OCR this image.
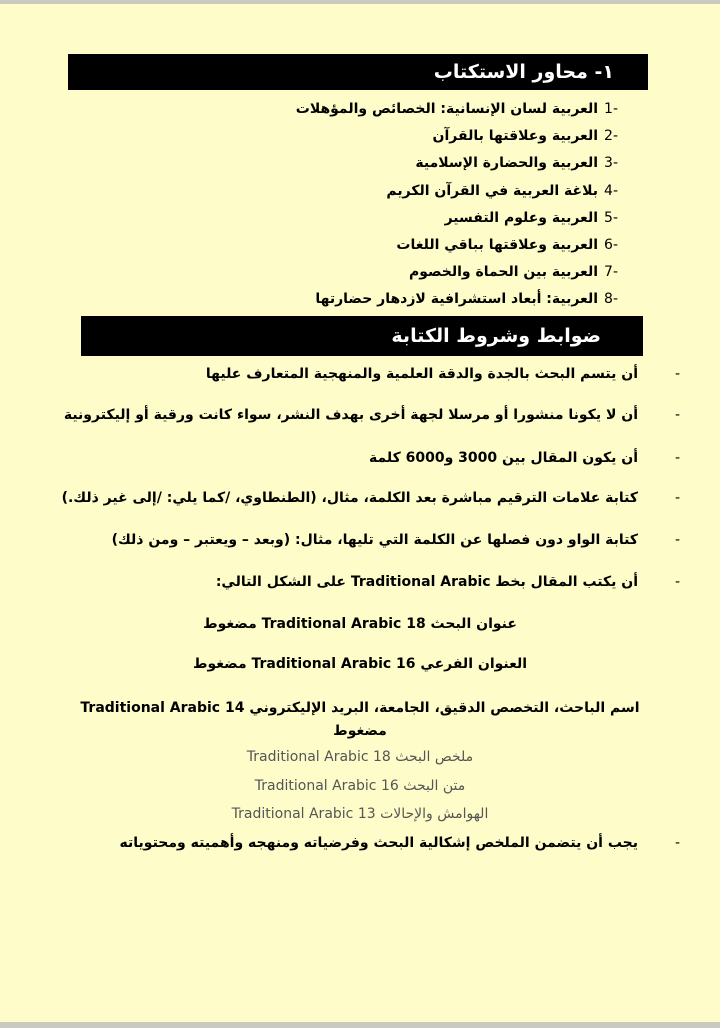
١- محاور الاستكتاب
-1العربية لسان الإنسانية: الخصائص والمؤهلات
-2العربية وعلاقتها بالقرآن
-3العربية والحضارة الإسلامية
-4بلاغة العربية في القرآن الكريم
-5العربية وعلوم التفسير
-6العربية وعلاقتها بباقي اللغات
-7العربية بين الحماة والخصوم
-8العربية: أبعاد استشرافية لازدهار حضارتها
ضوابط وشروط الكتابة
-
أن يتسم البحث بالجدة والدقة العلمية والمنهجية المتعارف عليها
-
أن لا يكونا منشورا أو مرسلا لجهة أخرى بهدف النشر، سواء كانت ورقية أو إليكترونية
-
أن يكون المقال بين 3000 و6000 كلمة
-
كتابة علامات الترقيم مباشرة بعد الكلمة، مثال، (الطنطاوي، /كما يلي: /إلى غير ذلك.)
-
كتابة الواو دون فصلها عن الكلمة التي تليها، مثال: (وبعد – ويعتبر – ومن ذلك)
-
أن يكتب المقال بخط Traditional Arabic على الشكل التالي:
عنوان البحث Traditional Arabic 18 مضغوط
العنوان الفرعي Traditional Arabic 16 مضغوط
اسم الباحث، التخصص الدقيق، الجامعة، البريد الإليكتروني Traditional Arabic 14
مضغوط
ملخص البحث Traditional Arabic 18
متن البحث Traditional Arabic 16
الهوامش والإحالات Traditional Arabic 13
-
يجب أن يتضمن الملخص إشكالية البحث وفرضياته ومنهجه وأهميته ومحتوياته
